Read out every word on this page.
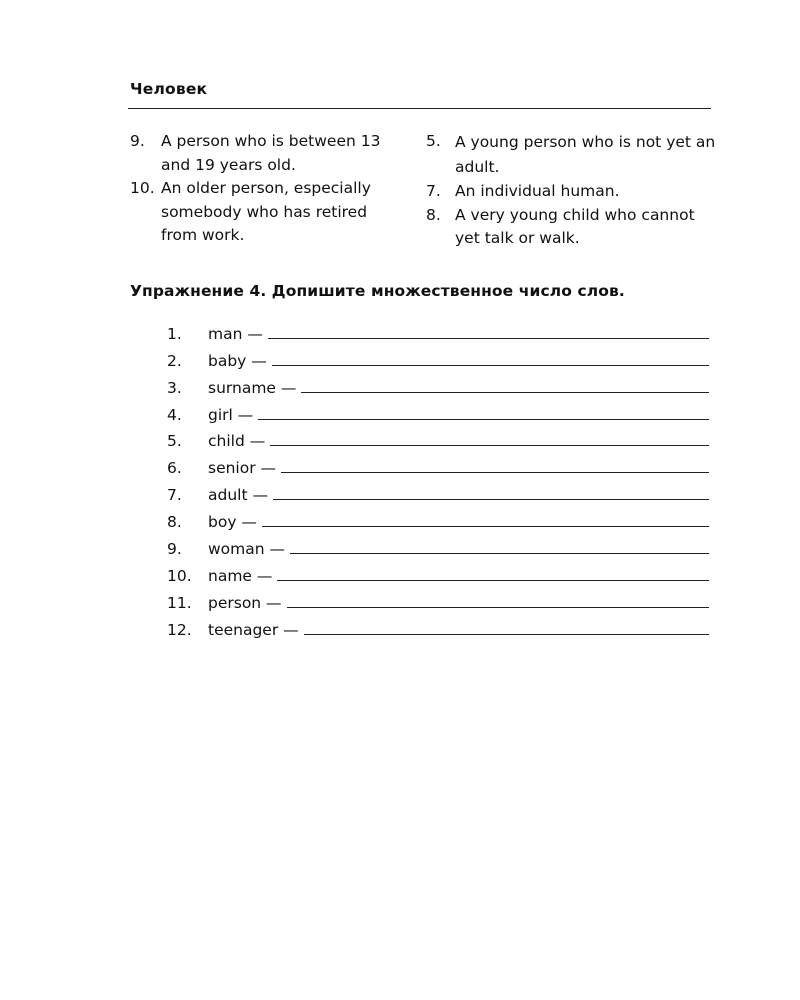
Человек
9. A person who is between 13 and 19 years old.
10. An older person, especially somebody who has retired from work.
5. A young person who is not yet an adult.
7. An individual human.
8. A very young child who cannot yet talk or walk.
Упражнение 4. Допишите множественное число слов.
1.	man —
2.	baby —
3.	surname —
4.	girl —
5.	child —
6.	senior —
7.	adult —
8.	boy —
9.	woman —
10.	name —
11.	person —
12.	teenager —
